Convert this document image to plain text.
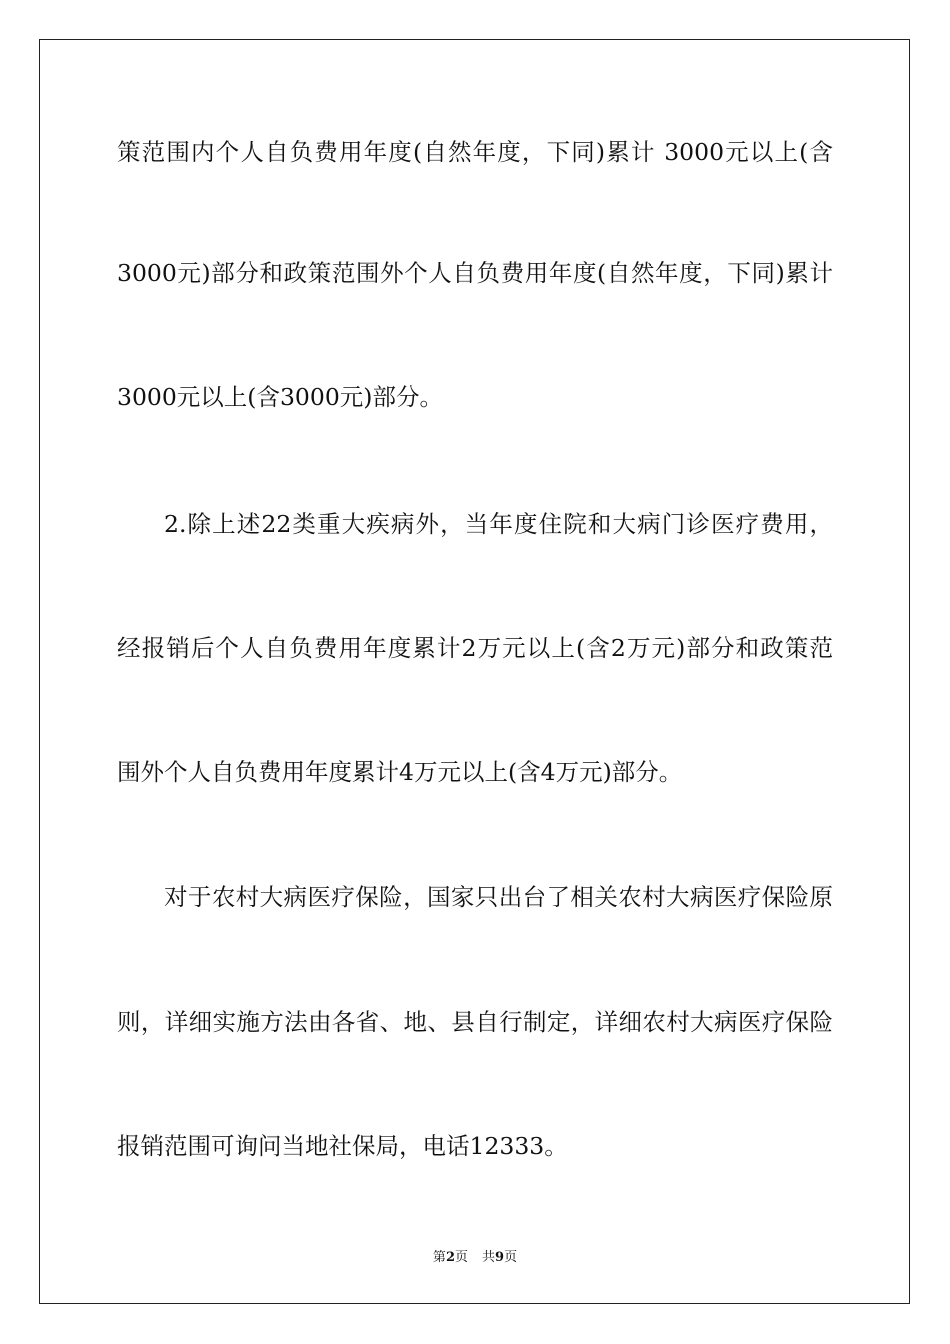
策范围内个人自负费用年度(自然年度，下同)累计 3000元以上(含
3000元)部分和政策范围外个人自负费用年度(自然年度，下同)累计
3000元以上(含3000元)部分。
2.除上述22类重大疾病外，当年度住院和大病门诊医疗费用，
经报销后个人自负费用年度累计2万元以上(含2万元)部分和政策范
围外个人自负费用年度累计4万元以上(含4万元)部分。
对于农村大病医疗保险，国家只出台了相关农村大病医疗保险原
则，详细实施方法由各省、地、县自行制定，详细农村大病医疗保险
报销范围可询问当地社保局，电话12333。
第2页 共9页
